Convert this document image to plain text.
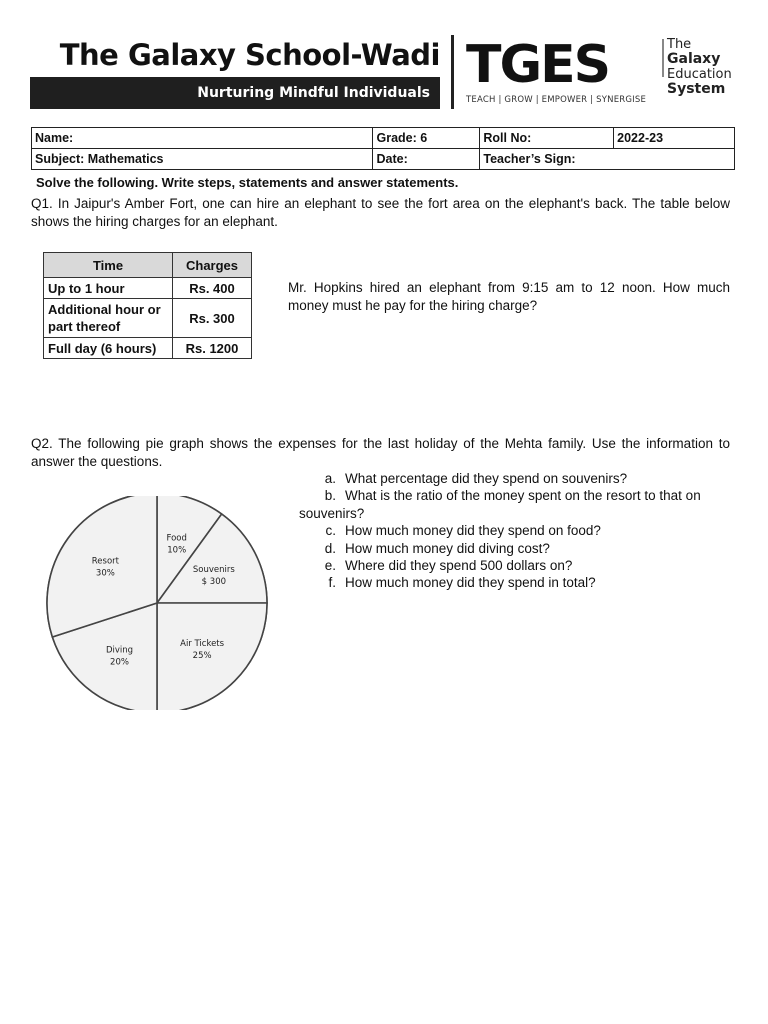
The Galaxy School-Wadi
Nurturing Mindful Individuals TGES	The
Galaxy
Education
System
TEACH | GROW | EMPOWER | SYNERGISE
Name:	Grade: 6	Roll No:	2022-23
Subject: Mathematics	Date:	Teacher’s Sign:	
Solve the following. Write steps, statements and answer statements.
Q1. In Jaipur's Amber Fort, one can hire an elephant to see the fort area on the elephant's back. The table below shows the hiring charges for an elephant.
Time	Charges
Up to 1 hour	Rs. 400
Additional hour or part thereof	Rs. 300
Full day (6 hours)	Rs. 1200
Mr. Hopkins hired an elephant from 9:15 am to 12 noon. How much money must he pay for the hiring charge?
Q2. The following pie graph shows the expenses for the last holiday of the Mehta family. Use the information to answer the questions.
Food
10%
Souvenirs
$ 300
Air Tickets
25%
Diving
20%
Resort
30%
a. What percentage did they spend on souvenirs?
b. What is the ratio of the money spent on the resort to that on souvenirs?
c. How much money did they spend on food?
d. How much money did diving cost?
e. Where did they spend 500 dollars on?
f. How much money did they spend in total?
